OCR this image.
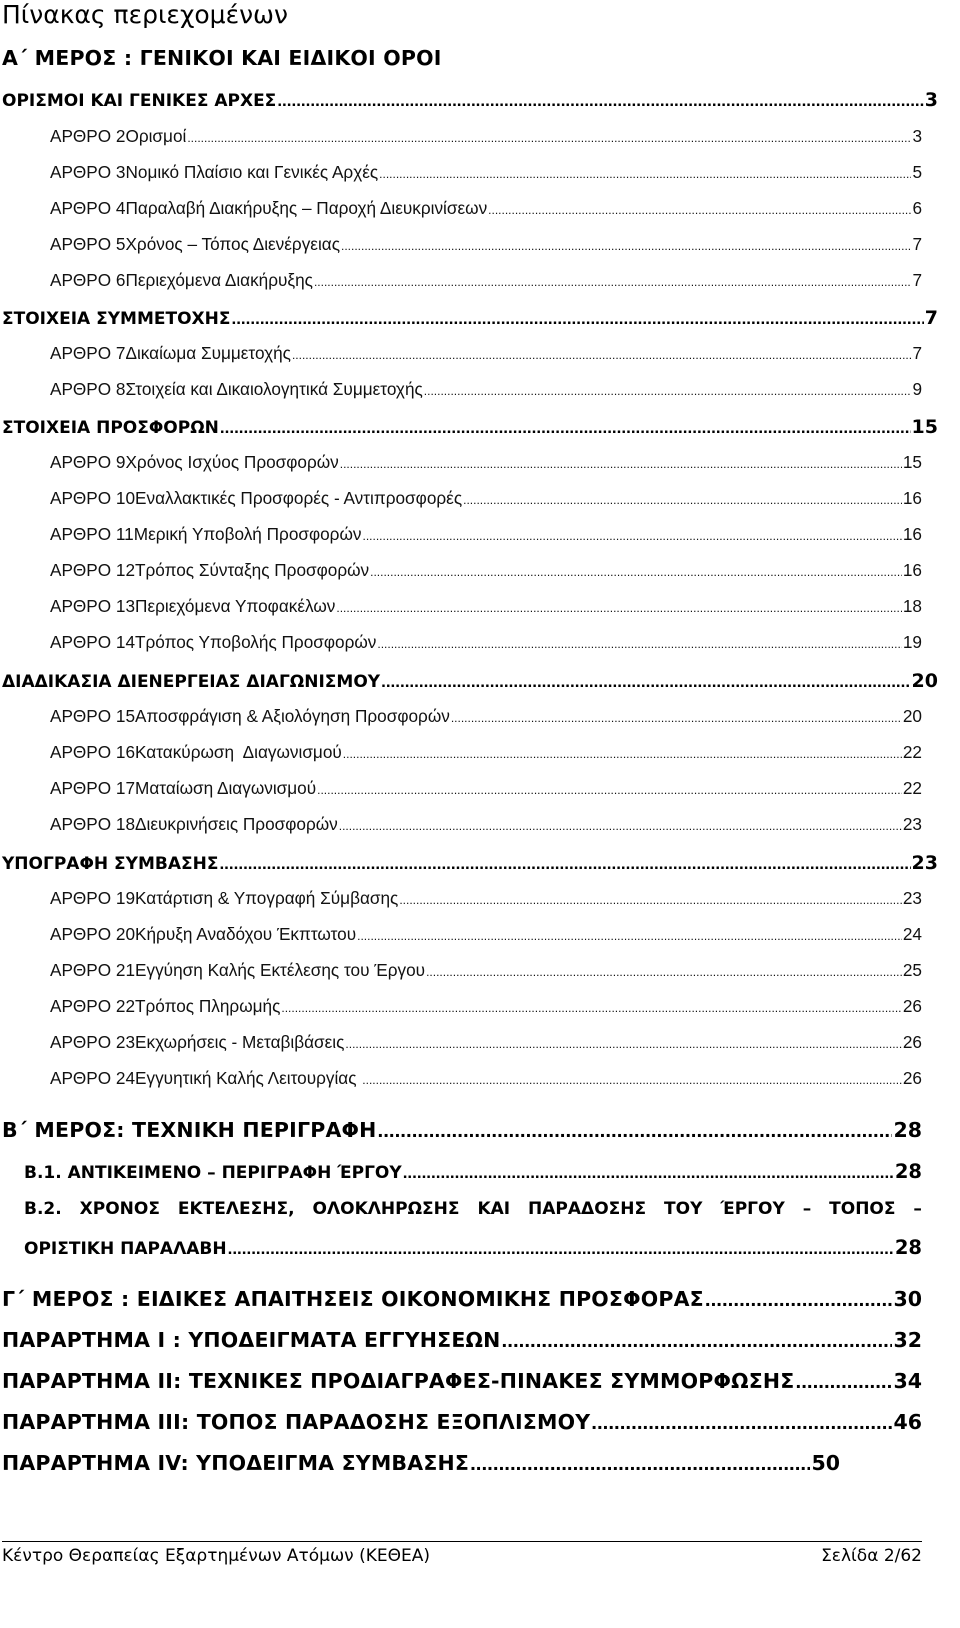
Πίνακας περιεχομένων
Α΄ ΜΕΡΟΣ : ΓΕΝΙΚΟΙ ΚΑΙ ΕΙΔΙΚΟΙ ΟΡΟΙ
ΟΡΙΣΜΟΙ ΚΑΙ ΓΕΝΙΚΕΣ ΑΡΧΕΣ .....	3
ΑΡΘΡΟ 2 Ορισμοί .....	3
ΑΡΘΡΟ 3 Νομικό Πλαίσιο και Γενικές Αρχές .....	5
ΑΡΘΡΟ 4 Παραλαβή Διακήρυξης – Παροχή Διευκρινίσεων .....	6
ΑΡΘΡΟ 5 Χρόνος – Τόπος Διενέργειας .....	7
ΑΡΘΡΟ 6 Περιεχόμενα Διακήρυξης .....	7
ΣΤΟΙΧΕΙΑ ΣΥΜΜΕΤΟΧΗΣ .....	7
ΑΡΘΡΟ 7 Δικαίωμα Συμμετοχής .....	7
ΑΡΘΡΟ 8 Στοιχεία και Δικαιολογητικά Συμμετοχής .....	9
ΣΤΟΙΧΕΙΑ ΠΡΟΣΦΟΡΩΝ .....	15
ΑΡΘΡΟ 9 Χρόνος Ισχύος Προσφορών .....	15
ΑΡΘΡΟ 10 Εναλλακτικές Προσφορές - Αντιπροσφορές .....	16
ΑΡΘΡΟ 11 Μερική Υποβολή Προσφορών .....	16
ΑΡΘΡΟ 12 Τρόπος Σύνταξης Προσφορών .....	16
ΑΡΘΡΟ 13 Περιεχόμενα Υποφακέλων .....	18
ΑΡΘΡΟ 14 Τρόπος Υποβολής Προσφορών .....	19
ΔΙΑΔΙΚΑΣΙΑ ΔΙΕΝΕΡΓΕΙΑΣ ΔΙΑΓΩΝΙΣΜΟΥ .....	20
ΑΡΘΡΟ 15 Αποσφράγιση & Αξιολόγηση Προσφορών .....	20
ΑΡΘΡΟ 16 Κατακύρωση  Διαγωνισμού .....	22
ΑΡΘΡΟ 17 Ματαίωση Διαγωνισμού .....	22
ΑΡΘΡΟ 18 Διευκρινήσεις Προσφορών .....	23
ΥΠΟΓΡΑΦΗ ΣΥΜΒΑΣΗΣ .....	23
ΑΡΘΡΟ 19 Κατάρτιση & Υπογραφή Σύμβασης .....	23
ΑΡΘΡΟ 20 Κήρυξη Αναδόχου Έκπτωτου .....	24
ΑΡΘΡΟ 21 Εγγύηση Καλής Εκτέλεσης του Έργου .....	25
ΑΡΘΡΟ 22 Τρόπος Πληρωμής .....	26
ΑΡΘΡΟ 23 Εκχωρήσεις - Μεταβιβάσεις .....	26
ΑΡΘΡΟ 24 Εγγυητική Καλής Λειτουργίας .....	26
Β΄ ΜΕΡΟΣ: ΤΕΧΝΙΚΗ ΠΕΡΙΓΡΑΦΗ .....	28
Β.1. ΑΝΤΙΚΕΙΜΕΝΟ – ΠΕΡΙΓΡΑΦΗ ΈΡΓΟΥ .....	28
Β.2. ΧΡΟΝΟΣ ΕΚΤΕΛΕΣΗΣ, ΟΛΟΚΛΗΡΩΣΗΣ ΚΑΙ ΠΑΡΑΔΟΣΗΣ ΤΟΥ ΈΡΓΟΥ – ΤΟΠΟΣ –
ΟΡΙΣΤΙΚΗ ΠΑΡΑΛΑΒΗ .....	28
Γ΄ ΜΕΡΟΣ : ΕΙΔΙΚΕΣ ΑΠΑΙΤΗΣΕΙΣ ΟΙΚΟΝΟΜΙΚΗΣ ΠΡΟΣΦΟΡΑΣ .....	30
ΠΑΡΑΡΤΗΜΑ Ι : ΥΠΟΔΕΙΓΜΑΤΑ ΕΓΓΥΗΣΕΩΝ .....	32
ΠΑΡΑΡΤΗΜΑ ΙΙ: ΤΕΧΝΙΚΕΣ ΠΡΟΔΙΑΓΡΑΦΕΣ-ΠΙΝΑΚΕΣ ΣΥΜΜΟΡΦΩΣΗΣ .....	34
ΠΑΡΑΡΤΗΜΑ ΙΙΙ: ΤΟΠΟΣ ΠΑΡΑΔΟΣΗΣ ΕΞΟΠΛΙΣΜΟΥ .....	46
ΠΑΡΑΡΤΗΜΑ IV: ΥΠΟΔΕΙΓΜΑ ΣΥΜΒΑΣΗΣ .....	50
Κέντρο Θεραπείας Εξαρτημένων Ατόμων (ΚΕΘΕΑ)	Σελίδα 2/62
